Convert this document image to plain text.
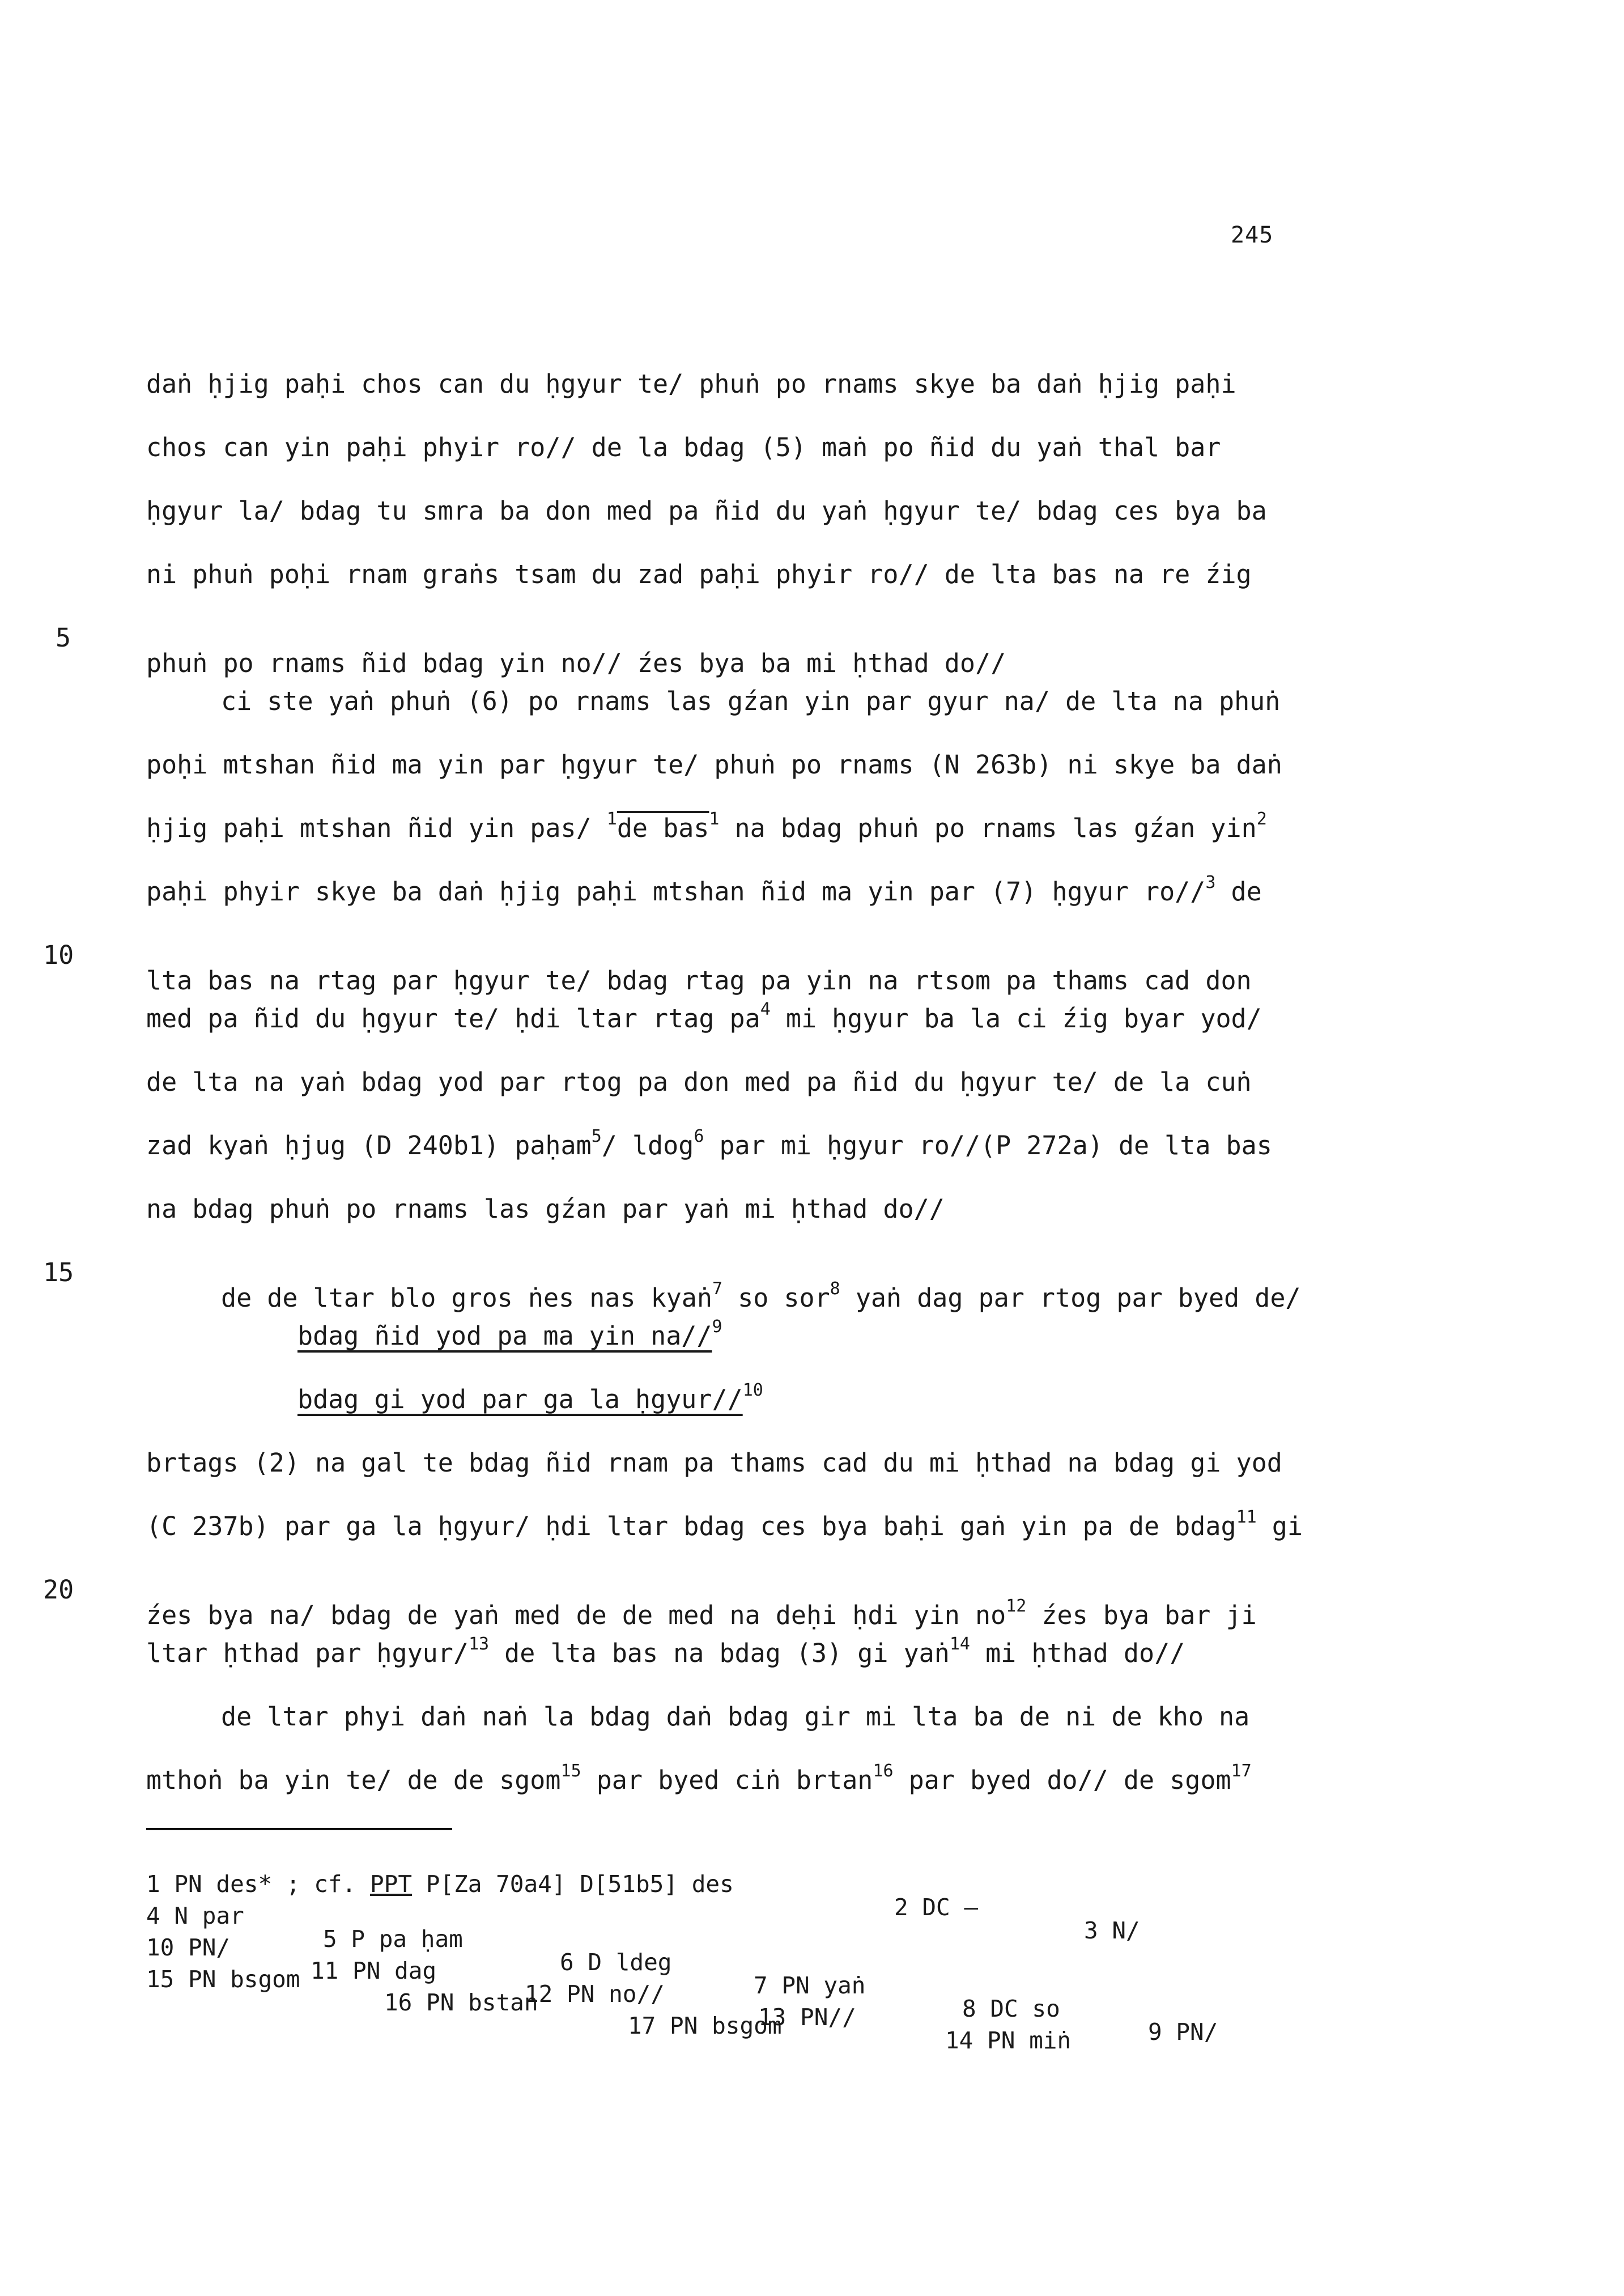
245

daṅ ḥjig paḥi chos can du ḥgyur te/ phuṅ po rnams skye ba daṅ ḥjig paḥi

chos can yin paḥi phyir ro// de la bdag (5) maṅ po ñid du yaṅ thal bar

ḥgyur la/ bdag tu smra ba don med pa ñid du yaṅ ḥgyur te/ bdag ces bya ba

ni phuṅ poḥi rnam graṅs tsam du zad paḥi phyir ro// de lta bas na re źig

5

phuṅ po rnams ñid bdag yin no// źes bya ba mi ḥthad do//

ci ste yaṅ phuṅ (6) po rnams las gźan yin par gyur na/ de lta na phuṅ

poḥi mtshan ñid ma yin par ḥgyur te/ phuṅ po rnams (N 263b) ni skye ba daṅ

ḥjig paḥi mtshan ñid yin pas/ $^1$de bas$^1$ na bdag phuṅ po rnams las gźan yin$^2$

paḥi phyir skye ba daṅ ḥjig paḥi mtshan ñid ma yin par (7) ḥgyur ro//$^3$ de

10

lta bas na rtag par ḥgyur te/ bdag rtag pa yin na rtsom pa thams cad don

med pa ñid du ḥgyur te/ ḥdi ltar rtag $pa^4$ mi ḥgyur ba la ci źig byar yod/

de lta na yaṅ bdag yod par rtog pa don med pa ñid du ḥgyur te/ de la cuṅ

zad kyaṅ ḥjug (D 240b1) paḥam$^5$/ ldog$^6$ par mi ḥgyur ro//(P 272a) de lta bas

na bdag phuṅ po rnams las gźan par yaṅ mi ḥthad do//

15

de de ltar blo gros ṅes nas kyaṅ$^7$ so sor$^8$ yaṅ dag par rtog par byed de/

bdag ñid yod pa ma yin na//$^9$

bdag gi yod par ga la ḥgyur//$^{10}$

brtags (2) na gal te bdag ñid rnam pa thams cad du mi ḥthad na bdag gi yod

(C 237b) par ga la ḥgyur/ ḥdi ltar bdag ces bya baḥi gaṅ yin pa de bdag$^{11}$ gi

20

źes bya na/ bdag de yaṅ med de de med na deḥi ḥdi yin $no^{12}$ źes bya bar ji

ltar ḥthad par ḥgyur/$^{13}$ de lta bas na bdag (3) gi yaṅ$^{14}$ mi ḥthad do//

de ltar phyi daṅ naṅ la bdag daṅ bdag gir mi lta ba de ni de kho na

mthoṅ ba yin te/ de de sgom$^{15}$ par byed ciṅ brtan$^{16}$ par byed do// de sgom$^{17}$

1 PN des* ; cf. PPT P[Za 70a4] D[51b5] des

2 DC —

3 N/

4 N par

5 P pa ḥam

6 D ldeg

7 PN yaṅ

8 DC so

9 PN/

10 PN/

11 PN dag

12 PN no//

13 PN//

14 PN miṅ

15 PN bsgom

16 PN bstan

17 PN bsgom
